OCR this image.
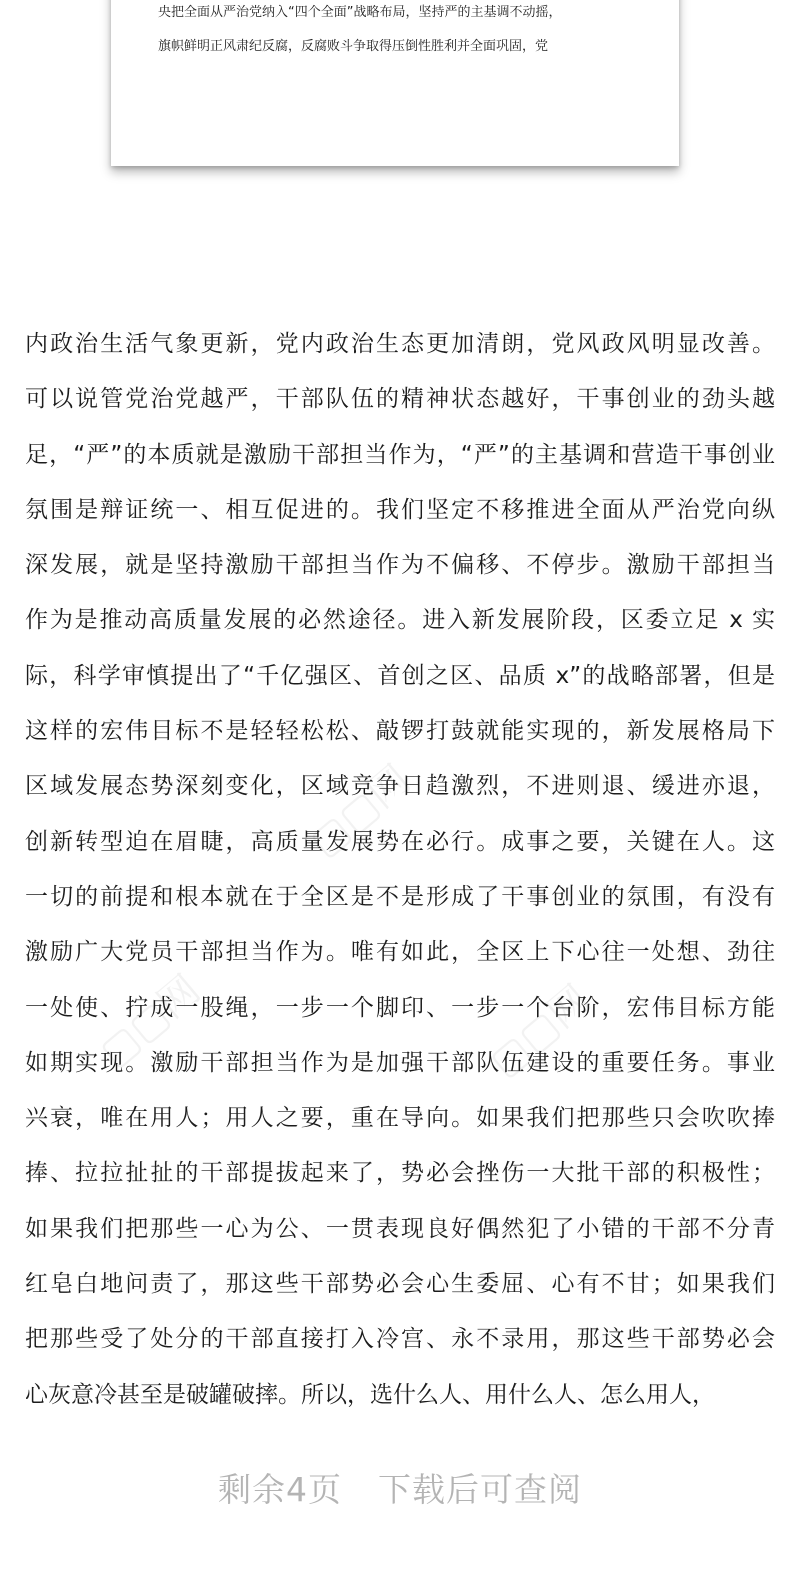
央把全面从严治党纳入“四个全面”战略布局，坚持严的主基调不动摇，
旗帜鲜明正风肃纪反腐，反腐败斗争取得压倒性胜利并全面巩固，党
▢▢网
▢▢网	▢▢网
内政治生活气象更新，党内政治生态更加清朗，党风政风明显改善。
可以说管党治党越严，干部队伍的精神状态越好，干事创业的劲头越
足，“严”的本质就是激励干部担当作为，“严”的主基调和营造干事创业
氛围是辩证统一、相互促进的。我们坚定不移推进全面从严治党向纵
深发展，就是坚持激励干部担当作为不偏移、不停步。激励干部担当
作为是推动高质量发展的必然途径。进入新发展阶段，区委立足 x 实
际，科学审慎提出了“千亿强区、首创之区、品质 x”的战略部署，但是
这样的宏伟目标不是轻轻松松、敲锣打鼓就能实现的，新发展格局下
区域发展态势深刻变化，区域竞争日趋激烈，不进则退、缓进亦退，
创新转型迫在眉睫，高质量发展势在必行。成事之要，关键在人。这
一切的前提和根本就在于全区是不是形成了干事创业的氛围，有没有
激励广大党员干部担当作为。唯有如此，全区上下心往一处想、劲往
一处使、拧成一股绳，一步一个脚印、一步一个台阶，宏伟目标方能
如期实现。激励干部担当作为是加强干部队伍建设的重要任务。事业
兴衰，唯在用人；用人之要，重在导向。如果我们把那些只会吹吹捧
捧、拉拉扯扯的干部提拔起来了，势必会挫伤一大批干部的积极性；
如果我们把那些一心为公、一贯表现良好偶然犯了小错的干部不分青
红皂白地问责了，那这些干部势必会心生委屈、心有不甘；如果我们
把那些受了处分的干部直接打入冷宫、永不录用，那这些干部势必会
心灰意冷甚至是破罐破摔。所以，选什么人、用什么人、怎么用人，
剩余4页 下载后可查阅
